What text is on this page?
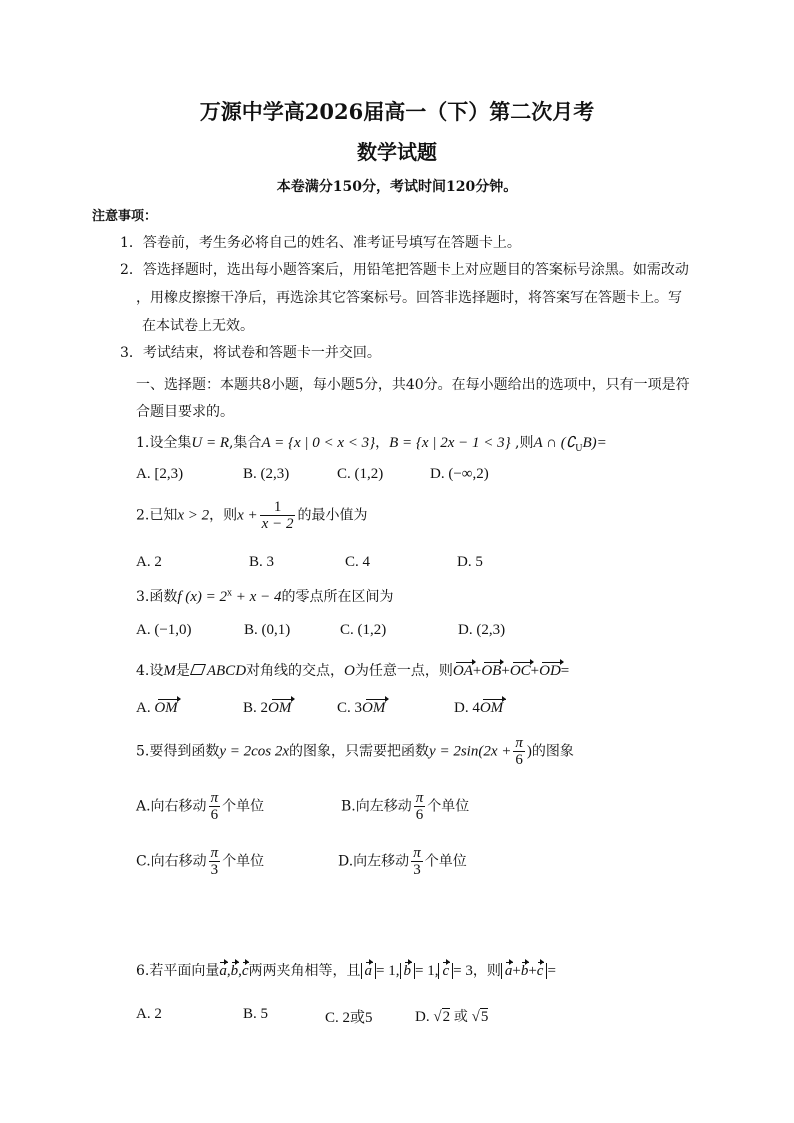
万源中学高2026届高一（下）第二次月考
数学试题
本卷满分150分，考试时间120分钟。
注意事项：
1．答卷前，考生务必将自己的姓名、准考证号填写在答题卡上。
2．答选择题时，选出每小题答案后，用铅笔把答题卡上对应题目的答案标号涂黑。如需改动
，用橡皮擦擦干净后，再选涂其它答案标号。回答非选择题时，将答案写在答题卡上。写
在本试卷上无效。
3．考试结束，将试卷和答题卡一并交回。
一、选择题：本题共8小题，每小题5分，共40分。在每小题给出的选项中，只有一项是符
合题目要求的。
1.设全集U = R,集合A = {x | 0 < x < 3}，B = {x | 2x − 1 < 3} ,则A ∩ $(∁_UB)=$
A. [2,3)	B. (2,3)	C. (1,2)	D. (−∞,2)
2.已知x > 2，则$x + \frac{1}{x - 2}$ 的最小值为
A. 2	B. 3	C. 4	D. 5
3.函数f $(x) = 2^x + x - 4$的零点所在区间为
A. (−1,0)	B. (0,1)	C. (1,2)	D. (2,3)
4.设M是 ABCD对角线的交点，O为任意一点，则OA+OB+OC+OD=
A. OM	B. 2OM	C. 3OM	D. 4OM
5.要得到函数y = 2cos 2x的图象，只需要把函数$y = 2\sin(2x + \frac{\pi}{6}$ )的图象
A.向右移动 $\frac{\pi}{6}$ 个单位	B.向左移动 $\frac{\pi}{6}$ 个单位
C.向右移动 $\frac{\pi}{3}$ 个单位	D.向左移动 $\frac{\pi}{3}$ 个单位
6.若平面向量a,b,c两两夹角相等，且 a = 1, b = 1, c = 3，则 a+b+c =
A. 2	B. 5	C. 2或5	D. √2 或 √5
